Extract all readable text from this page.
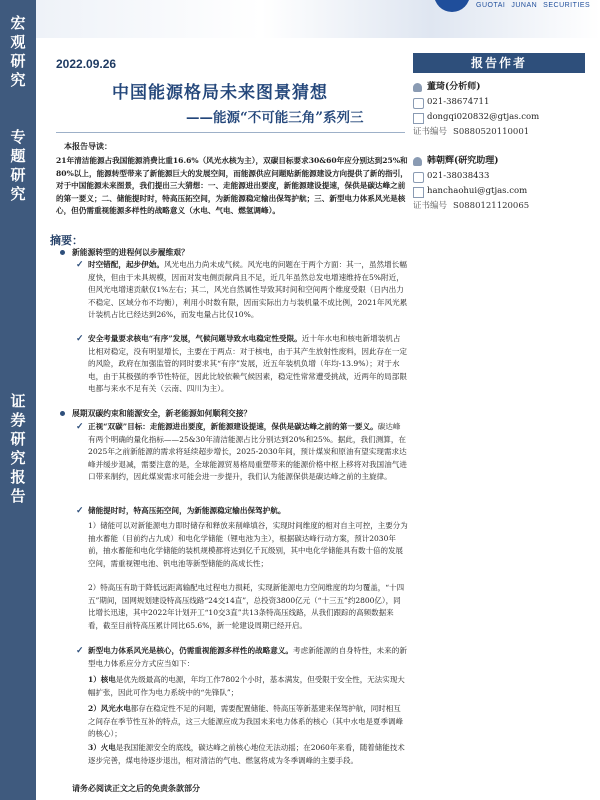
宏
观
研
究
专
题
研
究
证
券
研
究
报
告
GUOTAI JUNAN SECURITIES
2022.09.26
中国能源格局未来图景猜想
——能源“不可能三角”系列三
报告作者
董琦(分析师)
021-38674711
dongqi020832@gtjas.com
证书编号 S0880520110001
韩朝辉(研究助理)
021-38038433
hanchaohui@gtjas.com
证书编号 S0880121120065
本报告导读：
21年清洁能源占我国能源消费比重16.6%（风光水核为主），双碳目标要求30&60年应分别达到25%和80%以上，能源转型带来了新能源巨大的发展空间，而能源供应问题贴新能源建设方向提供了新的指引，对于中国能源未来图景，我们提出三大猜想：一、走能源进出要度，新能源建设提速，保供是碳达峰之前的第一要义；二、储能提时时，特高压拓空间，为新能源稳定输出保驾护航；三、新型电力体系风光是核心，但仍需重视能源多样性的战略意义（水电、气电、燃氢调峰）。
摘要：
新能源转型的进程何以步履维艰？
✓ 时空错配，起步伊始。风光电出力尚未成气候。风光电的问题在于两个方面：其一，虽然增长幅度快，但由于未具规模，因而对发电侧贡献尚且不足，近几年虽然总发电增速维持在5%附近，但风光电增速贡献仅1%左右；其二，风光自然属性导致其时间和空间两个维度受限（日内出力不稳定、区域分布不均衡），利用小时数有限，因而实际出力与装机量不成比例，2021年风光累计装机占比已经达到26%，而发电量占比仅10%。
✓ 安全考量要求核电“有序”发展，气候问题导致水电稳定性受限。近十年水电和核电新增装机占比相对稳定，没有明显增长，主要在于两点：对于核电，由于其产生放射性废料，因此存在一定的风险，政府在加强监管的同时要求其“有序”发展，近五年装机负增（年均-13.9%）；对于水电，由于其极强的季节性特征，因此比较依赖气候因素，稳定性常常遭受挑战，近两年的局部限电都与来水不足有关（云南、四川为主）。
展期双碳约束和能源安全，新老能源如何顺利交接？
✓ 正视“双碳”目标：走能源进出要度，新能源建设提速，保供是碳达峰之前的第一要义。碳达峰有两个明确的量化指标——25&30年清洁能源占比分别达到20%和25%。据此，我们测算，在2025年之前新能源的需求将延续超步增长，2025-2030年间，预计煤炭和原油有望实现需求达峰并缓步退减，需要注意的是，全球能源贸易格局重塑带来的能源价格中枢上移将对我国油气进口带来制约，因此煤炭需求可能会进一步提升，我们认为能源保供是碳达峰之前的主旋律。
✓ 储能提时时，特高压拓空间，为新能源稳定输出保驾护航。
1）储能可以对新能源电力即时储存和释放来削峰填谷，实现时间维度的相对自主可控，主要分为抽水蓄能（目前约占九成）和电化学储能（锂电池为主），根据碳达峰行动方案，预计2030年前，抽水蓄能和电化学储能的装机规模都将达到亿千瓦级别，其中电化学储能具有数十倍的发展空间，需重视锂电池、钒电池等新型储能的高成长性；
2）特高压有助于降低远距离输配电过程电力损耗，实现新能源电力空间维度的均匀覆盖，“十四五”期间，国网规划建设特高压线路“24交14直”，总投资3800亿元（“十三五”约2800亿），同比增长迅速，其中2022年计划开工“10交3直”共13条特高压线路，从我们跟踪的高频数据来看，截至目前特高压累计同比65.6%，新一轮建设周期已经开启。
✓ 新型电力体系风光是核心，仍需重视能源多样性的战略意义。考虑新能源的自身特性，未来的新型电力体系应分方式应当如下：
1）核电是优先级最高的电源，年均工作7802个小时，基本满发，但受限于安全性，无法实现大幅扩张，因此可作为电力系统中的“先锋队”；
2）风光水电都存在稳定性不足的问题，需要配置储能、特高压等新基建来保驾护航，同时相互之间存在季节性互补的特点，这三大能源应成为我国未来电力体系的核心（其中水电是夏季调峰的核心）；
3）火电是我国能源安全的底线，碳达峰之前核心地位无法动摇；在2060年来看，随着储能技术逐步完善，煤电待逐步退出，相对清洁的气电、燃氢将成为冬季调峰的主要手段。
请务必阅读正文之后的免责条款部分
